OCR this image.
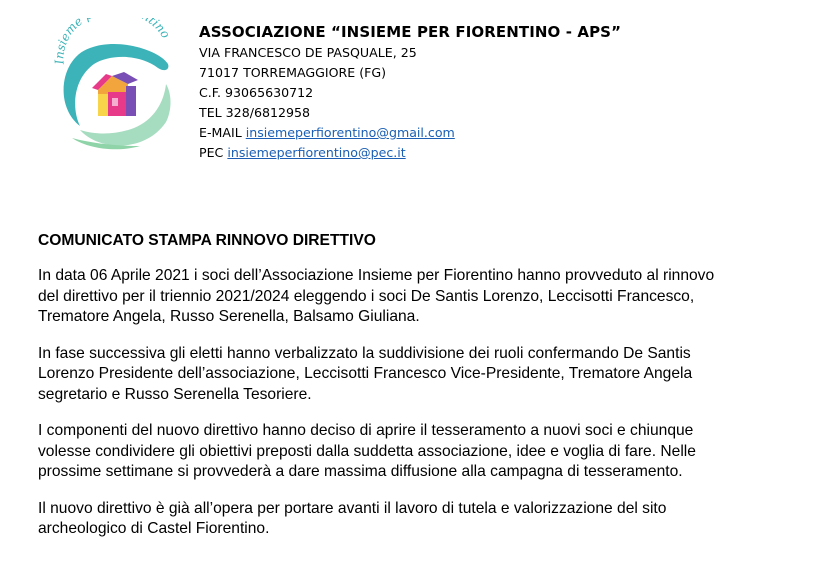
Insieme tino ASSOCIAZIONE “INSIEME PER FIORENTINO - APS”
VIA FRANCESCO DE PASQUALE, 25
71017 TORREMAGGIORE (FG)
C.F. 93065630712
TEL 328/6812958
E-MAIL insiemeperfiorentino@gmail.com
PEC insiemeperfiorentino@pec.it
COMUNICATO STAMPA RINNOVO DIRETTIVO
In data 06 Aprile 2021 i soci dell’Associazione Insieme per Fiorentino hanno provveduto al rinnovo
del direttivo per il triennio 2021/2024 eleggendo i soci De Santis Lorenzo, Leccisotti Francesco,
Trematore Angela, Russo Serenella, Balsamo Giuliana.
In fase successiva gli eletti hanno verbalizzato la suddivisione dei ruoli confermando De Santis
Lorenzo Presidente dell’associazione, Leccisotti Francesco Vice-Presidente, Trematore Angela
segretario e Russo Serenella Tesoriere.
I componenti del nuovo direttivo hanno deciso di aprire il tesseramento a nuovi soci e chiunque
volesse condividere gli obiettivi preposti dalla suddetta associazione, idee e voglia di fare. Nelle
prossime settimane si provvederà a dare massima diffusione alla campagna di tesseramento.
Il nuovo direttivo è già all’opera per portare avanti il lavoro di tutela e valorizzazione del sito
archeologico di Castel Fiorentino.
